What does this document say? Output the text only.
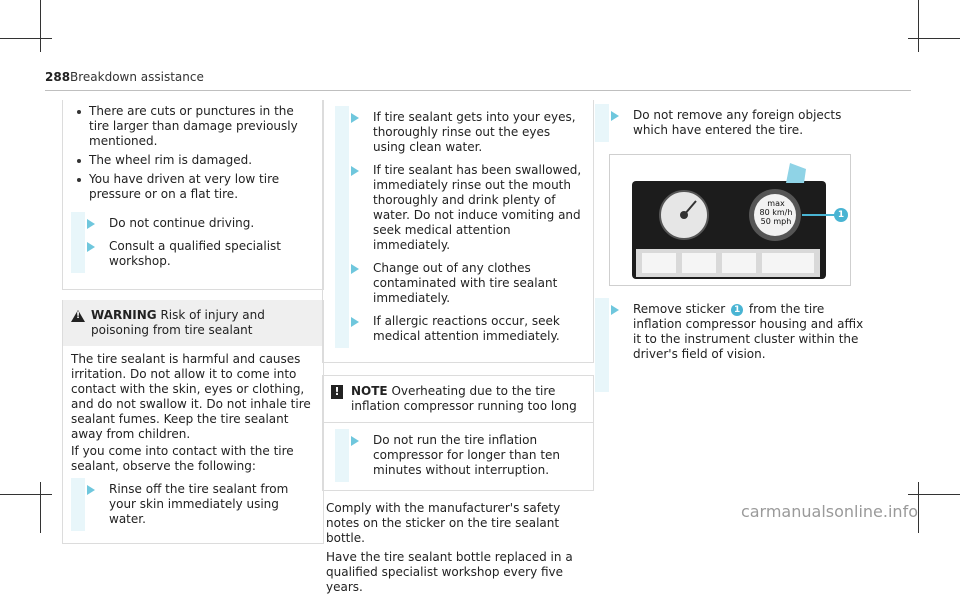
288 Breakdown assistance
There are cuts or punctures in the tire larger than damage previously mentioned.
The wheel rim is damaged.
You have driven at very low tire pressure or on a flat tire.
Do not continue driving.
Consult a qualified specialist workshop.
!
WARNING Risk of injury and poisoning from tire sealant
The tire sealant is harmful and causes irritation. Do not allow it to come into contact with the skin, eyes or clothing, and do not swallow it. Do not inhale tire sealant fumes. Keep the tire sealant away from children.
If you come into contact with the tire sealant, observe the following:
Rinse off the tire sealant from your skin immediately using water.
If tire sealant gets into your eyes, thoroughly rinse out the eyes using clean water.
If tire sealant has been swallowed, immediately rinse out the mouth thoroughly and drink plenty of water. Do not induce vomiting and seek medical attention immediately.
Change out of any clothes contaminated with tire sealant immediately.
If allergic reactions occur, seek medical attention immediately.
! NOTE Overheating due to the tire inflation compressor running too long
Do not run the tire inflation compressor for longer than ten minutes without interruption.
Comply with the manufacturer's safety notes on the sticker on the tire sealant bottle.
Have the tire sealant bottle replaced in a qualified specialist workshop every five years.
Do not remove any foreign objects which have entered the tire.
max
80 km/h
50 mph
1
Remove sticker 1 from the tire inflation compressor housing and affix it to the instrument cluster within the driver's field of vision.
carmanualsonline.info
